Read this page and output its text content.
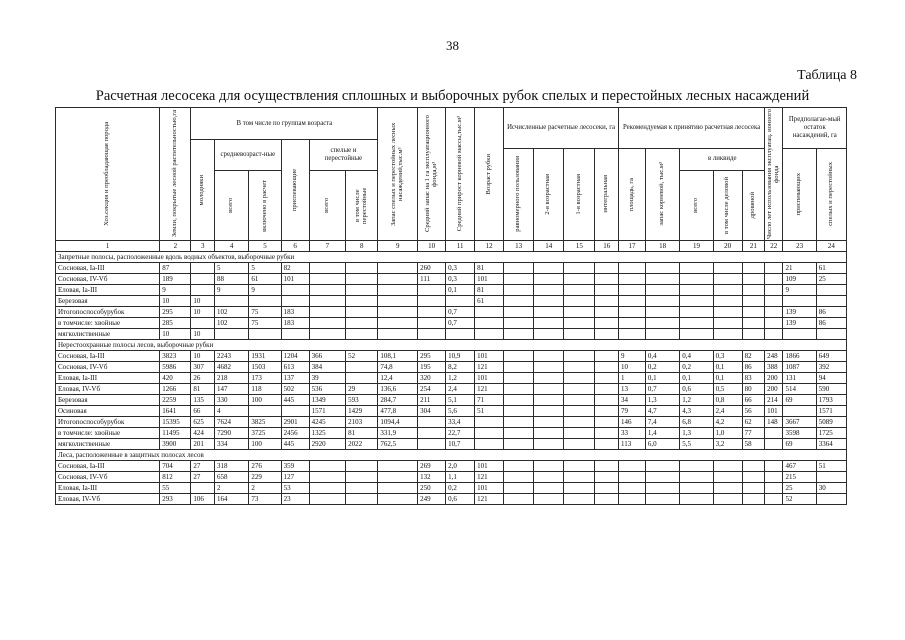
38
Таблица 8
Расчетная лесосека для осуществления сплошных и выборочных рубок спелых и перестойных лесных насаждений
Хоз.секция и преобладающая порода	Земли, покрытые лесной растительностью,га	В том числе по группам возраста						Запас спелых и перестойных лесных насаждений,тыс.м³	Средний запас на 1 га эксплуатационного фонда,м³	Средний прирост корневой массы,тыс.м³	Возраст рубки	Исчисленные расчетные лесосеки, га				Рекомендуемая к принятию расчетная лесосека					Число лет использования эксплуатац. ионного фонда	Предполагае-мый остаток насаждений, га	

		молодняки	средневозраст-ные		приспевающие	спелые и перестойные																	

												равномерного пользования	2-я возрастная	1-я возрастная	интегральная	площадь, га	запас корневой, тыс.м³	в ликвиде				приспевающих	спелых и перестойных

			всего	включено в расчет		всего	в том числе перестойные											всего	в том числе деловой	дровяной			

1	2	3	4	5	6	7	8	9	10	11	12	13	14	15	16	17	18	19	20	21	22	23	24
Запретные полосы, расположенные вдоль водных объектов, выборочные рубки																							
Сосновая, Iа-III	87		5	5	82				260	0,3	81											21	61
Сосновая, IV-Vб	189		88	61	101				111	0,3	101											109	25
Еловая, Iа-III	9		9	9						0,1	81											9	
Березовая	10	10									61												
Итогопоспособурубок	295	10	102	75	183					0,7												139	86
в томчисле: хвойные	285		102	75	183					0,7												139	86
мягколиственные	10	10																					
Нерестоохранные полосы лесов, выборочные рубки																							
Сосновая, Iа-III	3823	10	2243	1931	1204	366	52	108,1	295	10,9	101					9	0,4	0,4	0,3	82	248	1866	649
Сосновая, IV-Vб	5986	307	4682	1503	613	384		74,8	195	8,2	121					10	0,2	0,2	0,1	86	388	1087	392
Еловая, Iа-III	420	26	218	173	137	39		12,4	320	1,2	101					1	0,1	0,1	0,1	83	200	131	94
Еловая, IV-Vб	1266	81	147	118	502	536	29	136,6	254	2,4	121					13	0,7	0,6	0,5	80	200	514	590
Березовая	2259	135	330	100	445	1349	593	284,7	211	5,1	71					34	1,3	1,2	0,8	66	214	69	1793
Осиновая	1641	66	4			1571	1429	477,8	304	5,6	51					79	4,7	4,3	2,4	56	101		1571
Итогопоспособурубок	15395	625	7624	3825	2901	4245	2103	1094,4		33,4						146	7,4	6,8	4,2	62	148	3667	5089
в томчисле: хвойные	11495	424	7290	3725	2456	1325	81	331,9		22,7						33	1,4	1,3	1,0	77		3598	1725
мягколиственные	3900	201	334	100	445	2920	2022	762,5		10,7						113	6,0	5,5	3,2	58		69	3364
Леса, расположенные в защитных полосах лесов																							
Сосновая, Iа-III	704	27	318	276	359				269	2,0	101											467	51
Сосновая, IV-Vб	812	27	658	229	127				132	1,1	121											215	
Еловая, Iа-III	55		2	2	53				250	0,2	101											25	30
Еловая, IV-Vб	293	106	164	73	23				249	0,6	121											52	
